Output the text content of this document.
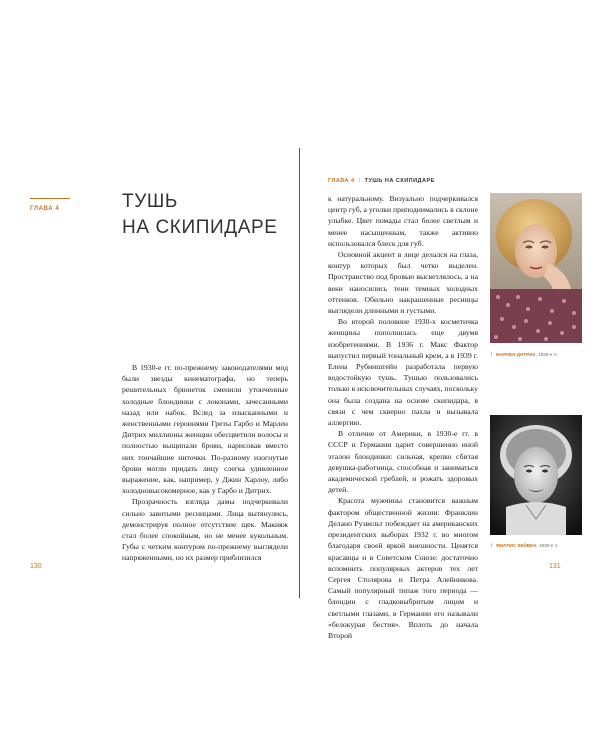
ГЛАВА 4	ТУШЬ
НА СКИПИДАРЕ

В 1930-е гг. по-прежнему законодателями мод были звезды кинематографа, но теперь решительных брюнеток сменили утонченные холодные блондинки с локонами, зачесанными назад или набок. Вслед за изысканными и женственными героинями Греты Гарбо и Марлен Дитрих миллионы женщин обесцветили волосы и полностью выщипали брови, нарисовав вместо них тончайшие ниточки. По-разному изогнутые брови могли придать лицу слегка удивленное выражение, как, например, у Джин Харлоу, либо холодновысокомерное, как у Гарбо и Дитрих.

Прозрачность взгляда дамы подчеркивали сильно завитыми ресницами. Лица вытянулись, демонстрируя полное отсутствие щек. Макияж стал более спокойным, но не менее кукольным. Губы с четким контуром по-прежнему выглядели напряженными, но их размер приблизился

130
ГЛАВА 4 / ТУШЬ НА СКИПИДАРЕ

к натуральному. Визуально подчеркивался центр губ, а уголки приподнимались в склоне улыбке. Цвет помады стал более светлым и менее насыщенным, также активно использовался блеск для губ.

Основной акцент в лице делался на глаза, контур которых был четко выделен. Пространство под бровью высветлялось, а на веки наносились тени темных холодных оттенков. Обильно накрашенные ресницы выглядели длинными и густыми.

Во второй половине 1930-х косметичка женщины пополнилась еще двумя изобретениями. В 1936 г. Макс Фактор выпустил первый тональный крем, а в 1939 г. Елена Рубинштейн разработала первую водостойкую тушь. Тушью пользовались только в исключительных случаях, поскольку она была создана на основе скипидара, в связи с чем скверно пахла и вызывала аллергию.

В отличие от Америки, в 1930-е гг. в СССР и Германии царит совершенно иной эталон блондинки: сильная, крепко сбитая девушка-работница, способная и заниматься академической греблей, и рожать здоровых детей.

Красота мужчины становится важным фактором общественной жизни: Франклин Делано Рузвельт побеждает на американских президентских выборах 1932 г. во многом благодаря своей яркой внешности. Ценятся красавцы и в Советском Союзе: достаточно вспомнить популярных актеров тех лет Сергея Столярова и Петра Алейникова. Самый популярный типаж того периода — блондин с гладковыбритым лицом и светлыми глазами, в Германии его называли «белокурая бестия». Вплоть до начала Второй

↑ МАРЛЕН ДИТРИХ, 1930-е гг.
↑ ФИЛЛИС КЕЙВЕН, 1930-е гг.
131
